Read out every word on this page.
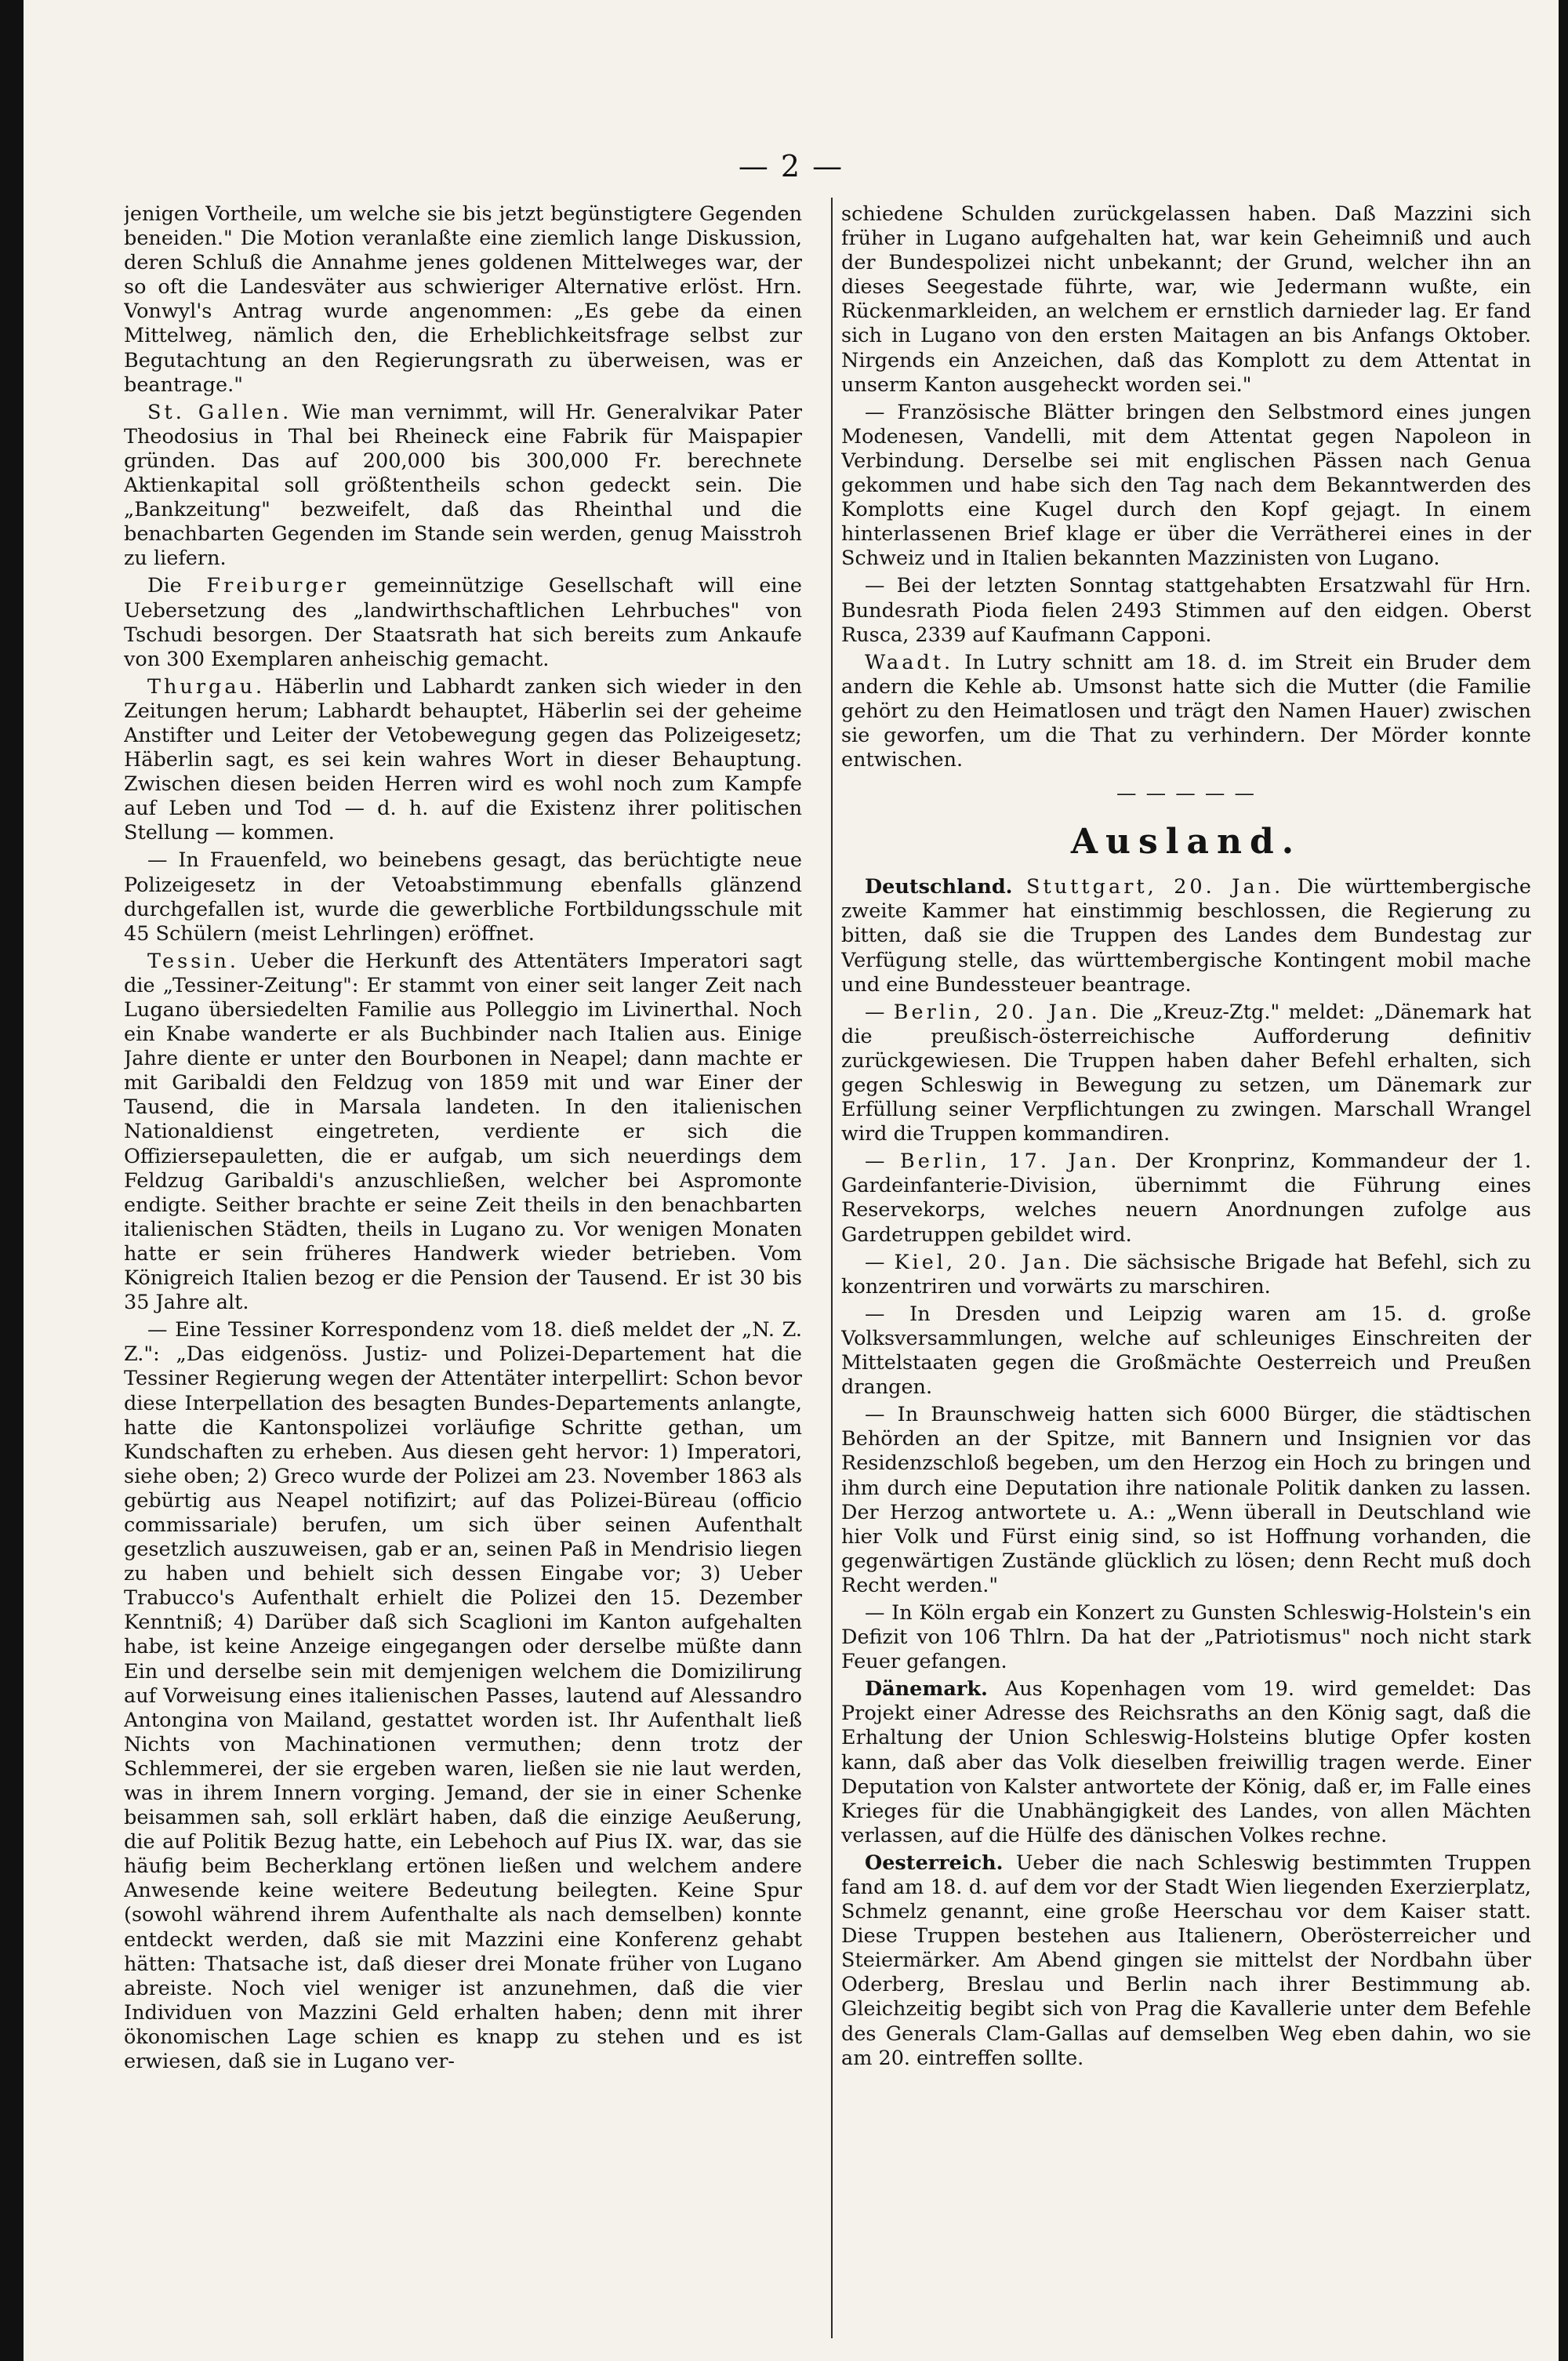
— 2 —

jenigen Vortheile, um welche sie bis jetzt begünstigtere Gegenden beneiden." Die Motion veranlaßte eine ziemlich lange Diskussion, deren Schluß die Annahme jenes goldenen Mittelweges war, der so oft die Landesväter aus schwieriger Alternative erlöst. Hrn. Vonwyl's Antrag wurde angenommen: „Es gebe da einen Mittelweg, nämlich den, die Erheblichkeitsfrage selbst zur Begutachtung an den Regierungsrath zu überweisen, was er beantrage."

St. Gallen. Wie man vernimmt, will Hr. Generalvikar Pater Theodosius in Thal bei Rheineck eine Fabrik für Maispapier gründen. Das auf 200,000 bis 300,000 Fr. berechnete Aktienkapital soll größtentheils schon gedeckt sein. Die „Bankzeitung" bezweifelt, daß das Rheinthal und die benachbarten Gegenden im Stande sein werden, genug Maisstroh zu liefern.

Die Freiburger gemeinnützige Gesellschaft will eine Uebersetzung des „landwirthschaftlichen Lehrbuches" von Tschudi besorgen. Der Staatsrath hat sich bereits zum Ankaufe von 300 Exemplaren anheischig gemacht.

Thurgau. Häberlin und Labhardt zanken sich wieder in den Zeitungen herum; Labhardt behauptet, Häberlin sei der geheime Anstifter und Leiter der Vetobewegung gegen das Polizeigesetz; Häberlin sagt, es sei kein wahres Wort in dieser Behauptung. Zwischen diesen beiden Herren wird es wohl noch zum Kampfe auf Leben und Tod — d. h. auf die Existenz ihrer politischen Stellung — kommen.

— In Frauenfeld, wo beinebens gesagt, das berüchtigte neue Polizeigesetz in der Vetoabstimmung ebenfalls glänzend durchgefallen ist, wurde die gewerbliche Fortbildungsschule mit 45 Schülern (meist Lehrlingen) eröffnet.

Tessin. Ueber die Herkunft des Attentäters Imperatori sagt die „Tessiner-Zeitung": Er stammt von einer seit langer Zeit nach Lugano übersiedelten Familie aus Polleggio im Livinerthal. Noch ein Knabe wanderte er als Buchbinder nach Italien aus. Einige Jahre diente er unter den Bourbonen in Neapel; dann machte er mit Garibaldi den Feldzug von 1859 mit und war Einer der Tausend, die in Marsala landeten. In den italienischen Nationaldienst eingetreten, verdiente er sich die Offiziersepauletten, die er aufgab, um sich neuerdings dem Feldzug Garibaldi's anzuschließen, welcher bei Aspromonte endigte. Seither brachte er seine Zeit theils in den benachbarten italienischen Städten, theils in Lugano zu. Vor wenigen Monaten hatte er sein früheres Handwerk wieder betrieben. Vom Königreich Italien bezog er die Pension der Tausend. Er ist 30 bis 35 Jahre alt.

— Eine Tessiner Korrespondenz vom 18. dieß meldet der „N. Z. Z.": „Das eidgenöss. Justiz- und Polizei-Departement hat die Tessiner Regierung wegen der Attentäter interpellirt: Schon bevor diese Interpellation des besagten Bundes-Departements anlangte, hatte die Kantonspolizei vorläufige Schritte gethan, um Kundschaften zu erheben. Aus diesen geht hervor: 1) Imperatori, siehe oben; 2) Greco wurde der Polizei am 23. November 1863 als gebürtig aus Neapel notifizirt; auf das Polizei-Büreau (officio commissariale) berufen, um sich über seinen Aufenthalt gesetzlich auszuweisen, gab er an, seinen Paß in Mendrisio liegen zu haben und behielt sich dessen Eingabe vor; 3) Ueber Trabucco's Aufenthalt erhielt die Polizei den 15. Dezember Kenntniß; 4) Darüber daß sich Scaglioni im Kanton aufgehalten habe, ist keine Anzeige eingegangen oder derselbe müßte dann Ein und derselbe sein mit demjenigen welchem die Domizilirung auf Vorweisung eines italienischen Passes, lautend auf Alessandro Antongina von Mailand, gestattet worden ist. Ihr Aufenthalt ließ Nichts von Machinationen vermuthen; denn trotz der Schlemmerei, der sie ergeben waren, ließen sie nie laut werden, was in ihrem Innern vorging. Jemand, der sie in einer Schenke beisammen sah, soll erklärt haben, daß die einzige Aeußerung, die auf Politik Bezug hatte, ein Lebehoch auf Pius IX. war, das sie häufig beim Becherklang ertönen ließen und welchem andere Anwesende keine weitere Bedeutung beilegten. Keine Spur (sowohl während ihrem Aufenthalte als nach demselben) konnte entdeckt werden, daß sie mit Mazzini eine Konferenz gehabt hätten: Thatsache ist, daß dieser drei Monate früher von Lugano abreiste. Noch viel weniger ist anzunehmen, daß die vier Individuen von Mazzini Geld erhalten haben; denn mit ihrer ökonomischen Lage schien es knapp zu stehen und es ist erwiesen, daß sie in Lugano ver-

schiedene Schulden zurückgelassen haben. Daß Mazzini sich früher in Lugano aufgehalten hat, war kein Geheimniß und auch der Bundespolizei nicht unbekannt; der Grund, welcher ihn an dieses Seegestade führte, war, wie Jedermann wußte, ein Rückenmarkleiden, an welchem er ernstlich darnieder lag. Er fand sich in Lugano von den ersten Maitagen an bis Anfangs Oktober. Nirgends ein Anzeichen, daß das Komplott zu dem Attentat in unserm Kanton ausgeheckt worden sei."

— Französische Blätter bringen den Selbstmord eines jungen Modenesen, Vandelli, mit dem Attentat gegen Napoleon in Verbindung. Derselbe sei mit englischen Pässen nach Genua gekommen und habe sich den Tag nach dem Bekanntwerden des Komplotts eine Kugel durch den Kopf gejagt. In einem hinterlassenen Brief klage er über die Verrätherei eines in der Schweiz und in Italien bekannten Mazzinisten von Lugano.

— Bei der letzten Sonntag stattgehabten Ersatzwahl für Hrn. Bundesrath Pioda fielen 2493 Stimmen auf den eidgen. Oberst Rusca, 2339 auf Kaufmann Capponi.

Waadt. In Lutry schnitt am 18. d. im Streit ein Bruder dem andern die Kehle ab. Umsonst hatte sich die Mutter (die Familie gehört zu den Heimatlosen und trägt den Namen Hauer) zwischen sie geworfen, um die That zu verhindern. Der Mörder konnte entwischen.

— — — — —
Ausland.

Deutschland. Stuttgart, 20. Jan. Die württembergische zweite Kammer hat einstimmig beschlossen, die Regierung zu bitten, daß sie die Truppen des Landes dem Bundestag zur Verfügung stelle, das württembergische Kontingent mobil mache und eine Bundessteuer beantrage.

— Berlin, 20. Jan. Die „Kreuz-Ztg." meldet: „Dänemark hat die preußisch-österreichische Aufforderung definitiv zurückgewiesen. Die Truppen haben daher Befehl erhalten, sich gegen Schleswig in Bewegung zu setzen, um Dänemark zur Erfüllung seiner Verpflichtungen zu zwingen. Marschall Wrangel wird die Truppen kommandiren.

— Berlin, 17. Jan. Der Kronprinz, Kommandeur der 1. Gardeinfanterie-Division, übernimmt die Führung eines Reservekorps, welches neuern Anordnungen zufolge aus Gardetruppen gebildet wird.

— Kiel, 20. Jan. Die sächsische Brigade hat Befehl, sich zu konzentriren und vorwärts zu marschiren.

— In Dresden und Leipzig waren am 15. d. große Volksversammlungen, welche auf schleuniges Einschreiten der Mittelstaaten gegen die Großmächte Oesterreich und Preußen drangen.

— In Braunschweig hatten sich 6000 Bürger, die städtischen Behörden an der Spitze, mit Bannern und Insignien vor das Residenzschloß begeben, um den Herzog ein Hoch zu bringen und ihm durch eine Deputation ihre nationale Politik danken zu lassen. Der Herzog antwortete u. A.: „Wenn überall in Deutschland wie hier Volk und Fürst einig sind, so ist Hoffnung vorhanden, die gegenwärtigen Zustände glücklich zu lösen; denn Recht muß doch Recht werden."

— In Köln ergab ein Konzert zu Gunsten Schleswig-Holstein's ein Defizit von 106 Thlrn. Da hat der „Patriotismus" noch nicht stark Feuer gefangen.

Dänemark. Aus Kopenhagen vom 19. wird gemeldet: Das Projekt einer Adresse des Reichsraths an den König sagt, daß die Erhaltung der Union Schleswig-Holsteins blutige Opfer kosten kann, daß aber das Volk dieselben freiwillig tragen werde. Einer Deputation von Kalster antwortete der König, daß er, im Falle eines Krieges für die Unabhängigkeit des Landes, von allen Mächten verlassen, auf die Hülfe des dänischen Volkes rechne.

Oesterreich. Ueber die nach Schleswig bestimmten Truppen fand am 18. d. auf dem vor der Stadt Wien liegenden Exerzierplatz, Schmelz genannt, eine große Heerschau vor dem Kaiser statt. Diese Truppen bestehen aus Italienern, Oberösterreicher und Steiermärker. Am Abend gingen sie mittelst der Nordbahn über Oderberg, Breslau und Berlin nach ihrer Bestimmung ab. Gleichzeitig begibt sich von Prag die Kavallerie unter dem Befehle des Generals Clam-Gallas auf demselben Weg eben dahin, wo sie am 20. eintreffen sollte.
